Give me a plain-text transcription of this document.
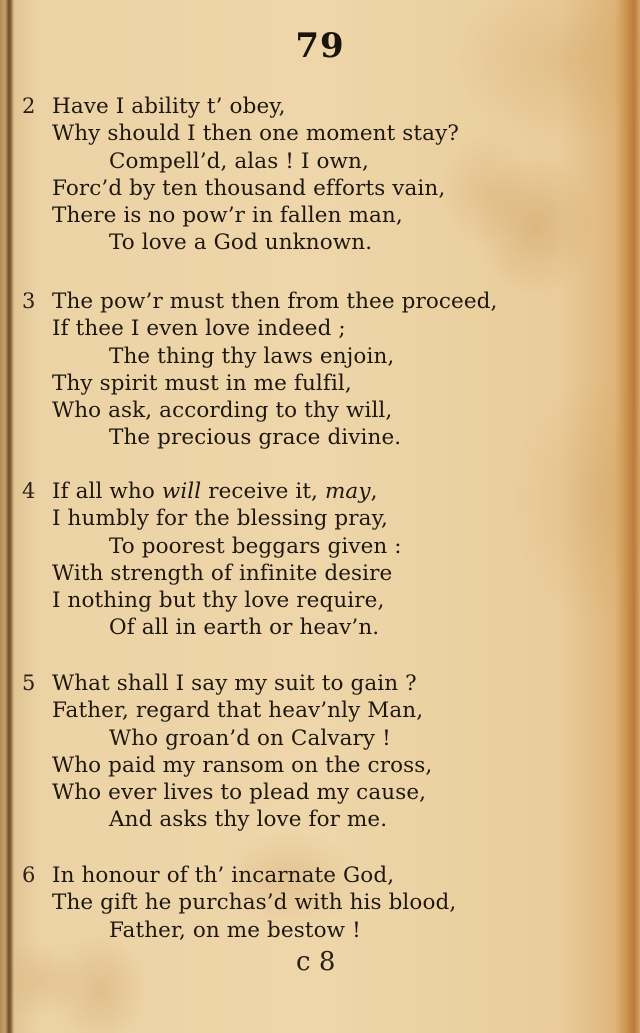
79
2 Have I ability t’ obey,
Why should I then one moment stay?
Compell’d, alas ! I own,
Forc’d by ten thousand efforts vain,
There is no pow’r in fallen man,
To love a God unknown.
3 The pow’r must then from thee proceed,
If thee I even love indeed ;
The thing thy laws enjoin,
Thy spirit must in me fulfil,
Who ask, according to thy will,
The precious grace divine.
4 If all who will receive it, may,
I humbly for the blessing pray,
To poorest beggars given :
With strength of infinite desire
I nothing but thy love require,
Of all in earth or heav’n.
5 What shall I say my suit to gain ?
Father, regard that heav’nly Man,
Who groan’d on Calvary !
Who paid my ransom on the cross,
Who ever lives to plead my cause,
And asks thy love for me.
6 In honour of th’ incarnate God,
The gift he purchas’d with his blood,
Father, on me bestow !
c 8
